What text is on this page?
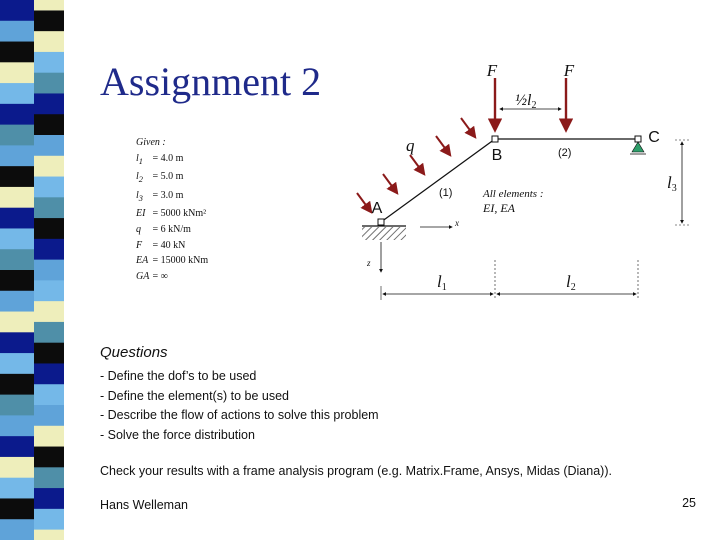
Assignment 2
Given :
$l_1 = 4.0$ m
$l_2 = 5.0$ m
$l_3 = 3.0$ m
EI = 5000 kNm²
q = 6 kN/m
F = 40 kN
EA = 15000 kNm
GA = ∞
F	F
½l2
A
B
C
(1)
(2)
q
All elements :
EI, EA
x
z
l1	l2
l3
Questions
- Define the dof’s to be used
- Define the element(s) to be used
- Describe the flow of actions to solve this problem
- Solve the force distribution
Check your results with a frame analysis program (e.g. Matrix.Frame, Ansys, Midas (Diana)).
Hans Welleman	25
